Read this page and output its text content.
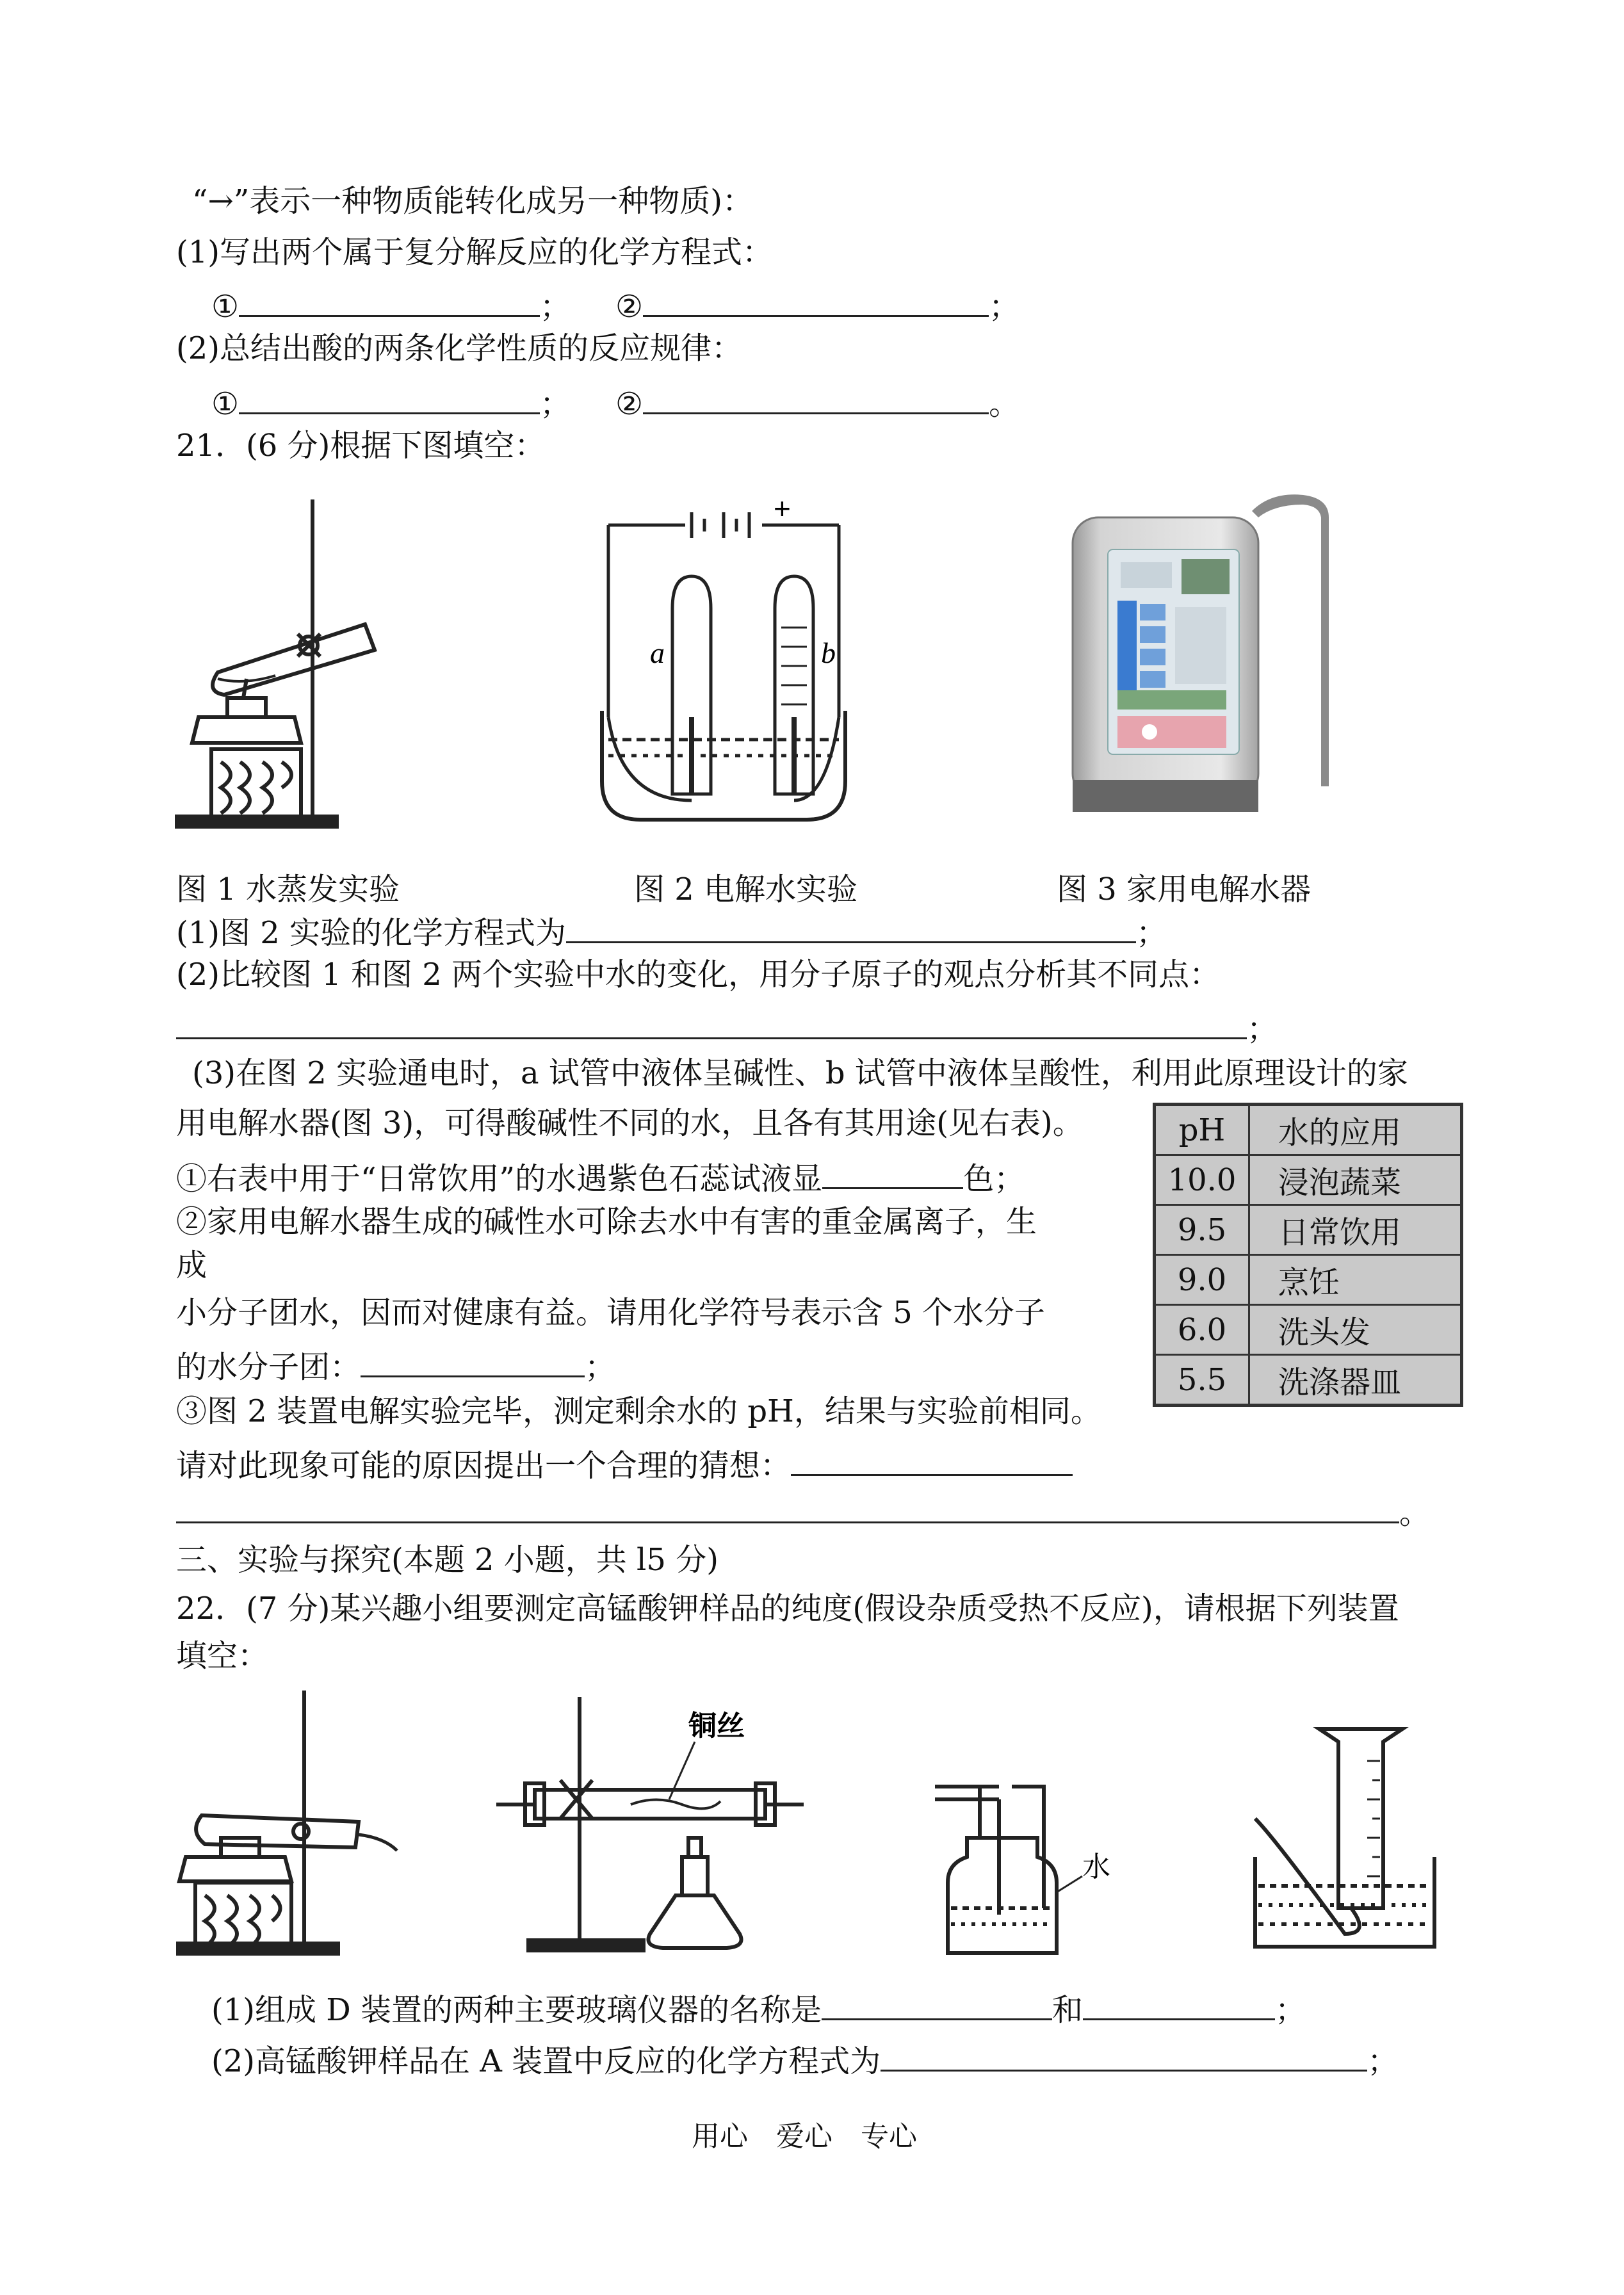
“→”表示一种物质能转化成另一种物质)：
(1)写出两个属于复分解反应的化学方程式：
①	； ②	；
(2)总结出酸的两条化学性质的反应规律：
①	； ②	。
21．(6 分)根据下图填空：
a	b
+
图 1 水蒸发实验	图 2 电解水实验	图 3 家用电解水器
(1)图 2 实验的化学方程式为	；
(2)比较图 1 和图 2 两个实验中水的变化，用分子原子的观点分析其不同点：
；
(3)在图 2 实验通电时，a 试管中液体呈碱性、b 试管中液体呈酸性，利用此原理设计的家
用电解水器(图 3)，可得酸碱性不同的水，且各有其用途(见右表)。
①右表中用于“日常饮用”的水遇紫色石蕊试液显	色；
②家用电解水器生成的碱性水可除去水中有害的重金属离子，生
成
小分子团水，因而对健康有益。请用化学符号表示含 5 个水分子
的水分子团：	；
③图 2 装置电解实验完毕，测定剩余水的 pH，结果与实验前相同。
请对此现象可能的原因提出一个合理的猜想：
。
pH	水的应用
10.0	浸泡蔬菜
9.5	日常饮用
9.0	烹饪
6.0	洗头发
5.5	洗涤器皿
三、实验与探究(本题 2 小题，共 l5 分)
22．(7 分)某兴趣小组要测定高锰酸钾样品的纯度(假设杂质受热不反应)，请根据下列装置
填空：
铜丝
水
(1)组成 D 装置的两种主要玻璃仪器的名称是	和	；
(2)高锰酸钾样品在 A 装置中反应的化学方程式为	；
用心　爱心　专心
